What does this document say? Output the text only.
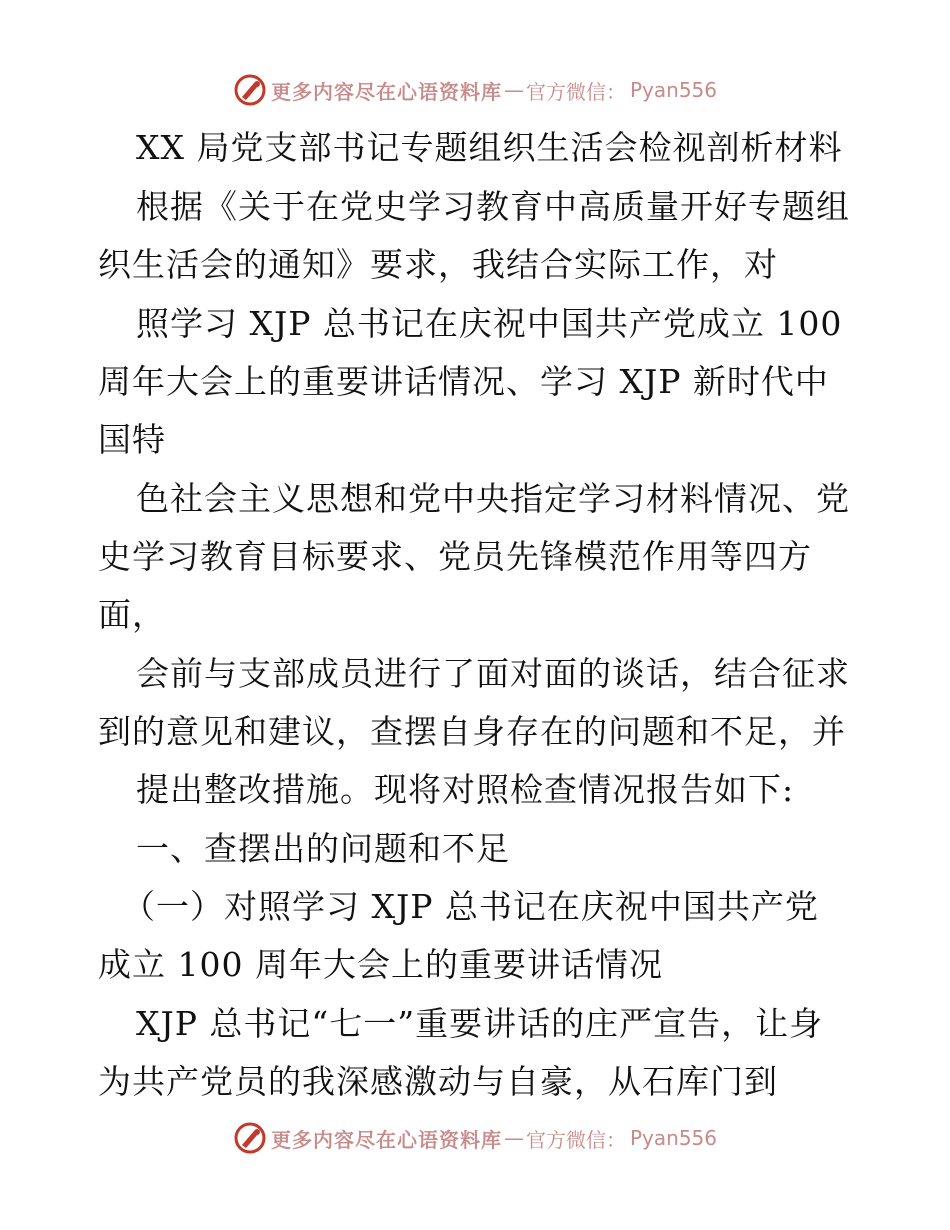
更多内容尽在心语资料库 — 官方微信： Pyan556
XX 局党支部书记专题组织生活会检视剖析材料
根据《关于在党史学习教育中高质量开好专题组
织生活会的通知》要求，我结合实际工作，对
照学习 XJP 总书记在庆祝中国共产党成立 100
周年大会上的重要讲话情况、学习 XJP 新时代中
国特
色社会主义思想和党中央指定学习材料情况、党
史学习教育目标要求、党员先锋模范作用等四方
面，
会前与支部成员进行了面对面的谈话，结合征求
到的意见和建议，查摆自身存在的问题和不足，并
提出整改措施。现将对照检查情况报告如下:
一、查摆出的问题和不足
（一）对照学习 XJP 总书记在庆祝中国共产党
成立 100 周年大会上的重要讲话情况
XJP 总书记“七一”重要讲话的庄严宣告，让身
为共产党员的我深感激动与自豪，从石库门到
更多内容尽在心语资料库 — 官方微信： Pyan556
